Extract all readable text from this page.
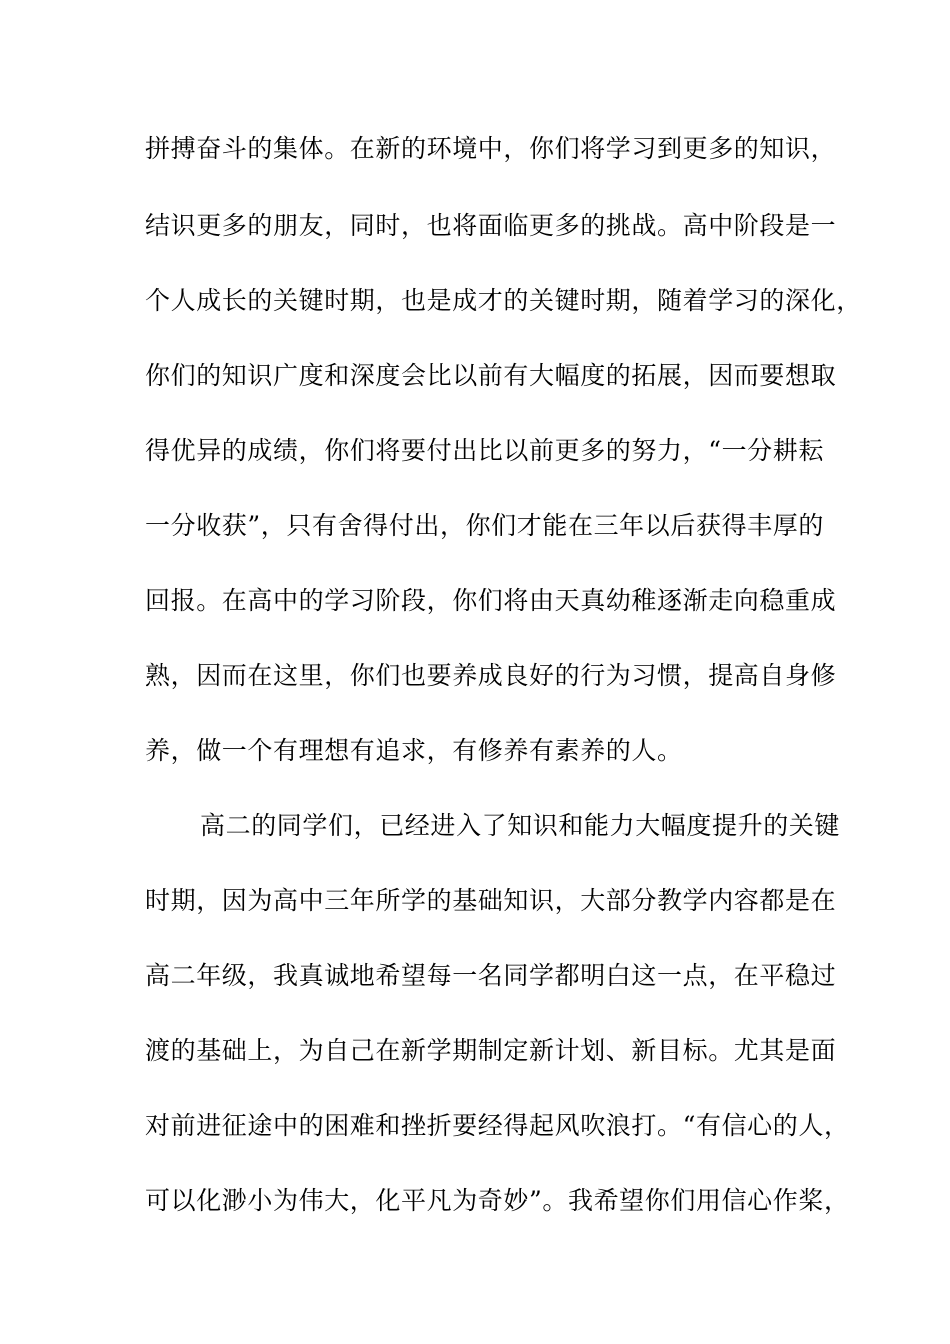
拼搏奋斗的集体。在新的环境中，你们将学习到更多的知识，
结识更多的朋友，同时，也将面临更多的挑战。高中阶段是一
个人成长的关键时期，也是成才的关键时期，随着学习的深化，
你们的知识广度和深度会比以前有大幅度的拓展，因而要想取
得优异的成绩，你们将要付出比以前更多的努力，“一分耕耘
一分收获”，只有舍得付出，你们才能在三年以后获得丰厚的
回报。在高中的学习阶段，你们将由天真幼稚逐渐走向稳重成
熟，因而在这里，你们也要养成良好的行为习惯，提高自身修
养，做一个有理想有追求，有修养有素养的人。
高二的同学们，已经进入了知识和能力大幅度提升的关键
时期，因为高中三年所学的基础知识，大部分教学内容都是在
高二年级，我真诚地希望每一名同学都明白这一点，在平稳过
渡的基础上，为自己在新学期制定新计划、新目标。尤其是面
对前进征途中的困难和挫折要经得起风吹浪打。“有信心的人，
可以化渺小为伟大，化平凡为奇妙”。我希望你们用信心作桨，
